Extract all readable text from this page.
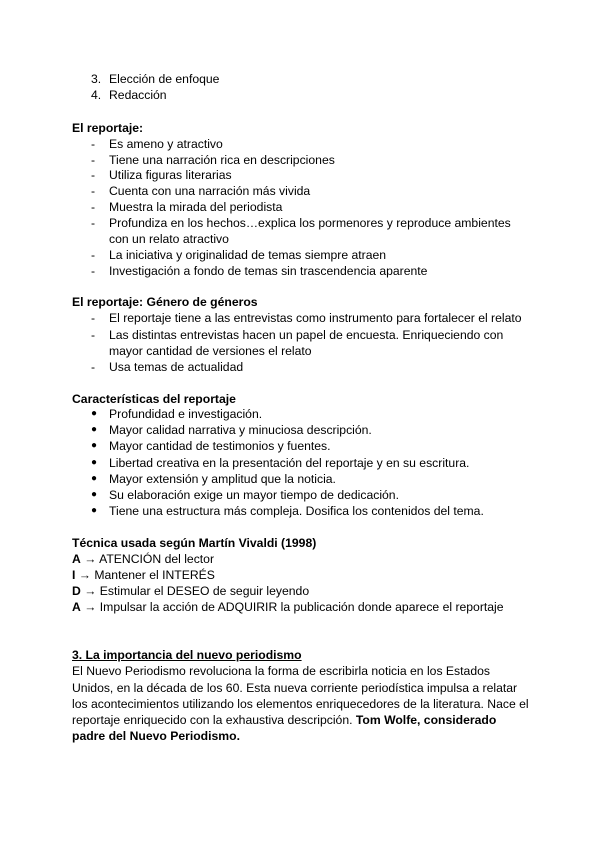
3. Elección de enfoque
4. Redacción
El reportaje:
- Es ameno y atractivo
- Tiene una narración rica en descripciones
- Utiliza figuras literarias
- Cuenta con una narración más vivida
- Muestra la mirada del periodista
- Profundiza en los hechos…explica los pormenores y reproduce ambientes
con un relato atractivo
- La iniciativa y originalidad de temas siempre atraen
- Investigación a fondo de temas sin trascendencia aparente
El reportaje: Género de géneros
- El reportaje tiene a las entrevistas como instrumento para fortalecer el relato
- Las distintas entrevistas hacen un papel de encuesta. Enriqueciendo con
mayor cantidad de versiones el relato
- Usa temas de actualidad
Características del reportaje
● Profundidad e investigación.
● Mayor calidad narrativa y minuciosa descripción.
● Mayor cantidad de testimonios y fuentes.
● Libertad creativa en la presentación del reportaje y en su escritura.
● Mayor extensión y amplitud que la noticia.
● Su elaboración exige un mayor tiempo de dedicación.
● Tiene una estructura más compleja. Dosifica los contenidos del tema.
Técnica usada según Martín Vivaldi (1998)
A → ATENCIÓN del lector
I → Mantener el INTERÉS
D → Estimular el DESEO de seguir leyendo
A → Impulsar la acción de ADQUIRIR la publicación donde aparece el reportaje
3. La importancia del nuevo periodismo
El Nuevo Periodismo revoluciona la forma de escribirla noticia en los Estados
Unidos, en la década de los 60. Esta nueva corriente periodística impulsa a relatar
los acontecimientos utilizando los elementos enriquecedores de la literatura. Nace el
reportaje enriquecido con la exhaustiva descripción. Tom Wolfe, considerado
padre del Nuevo Periodismo.
